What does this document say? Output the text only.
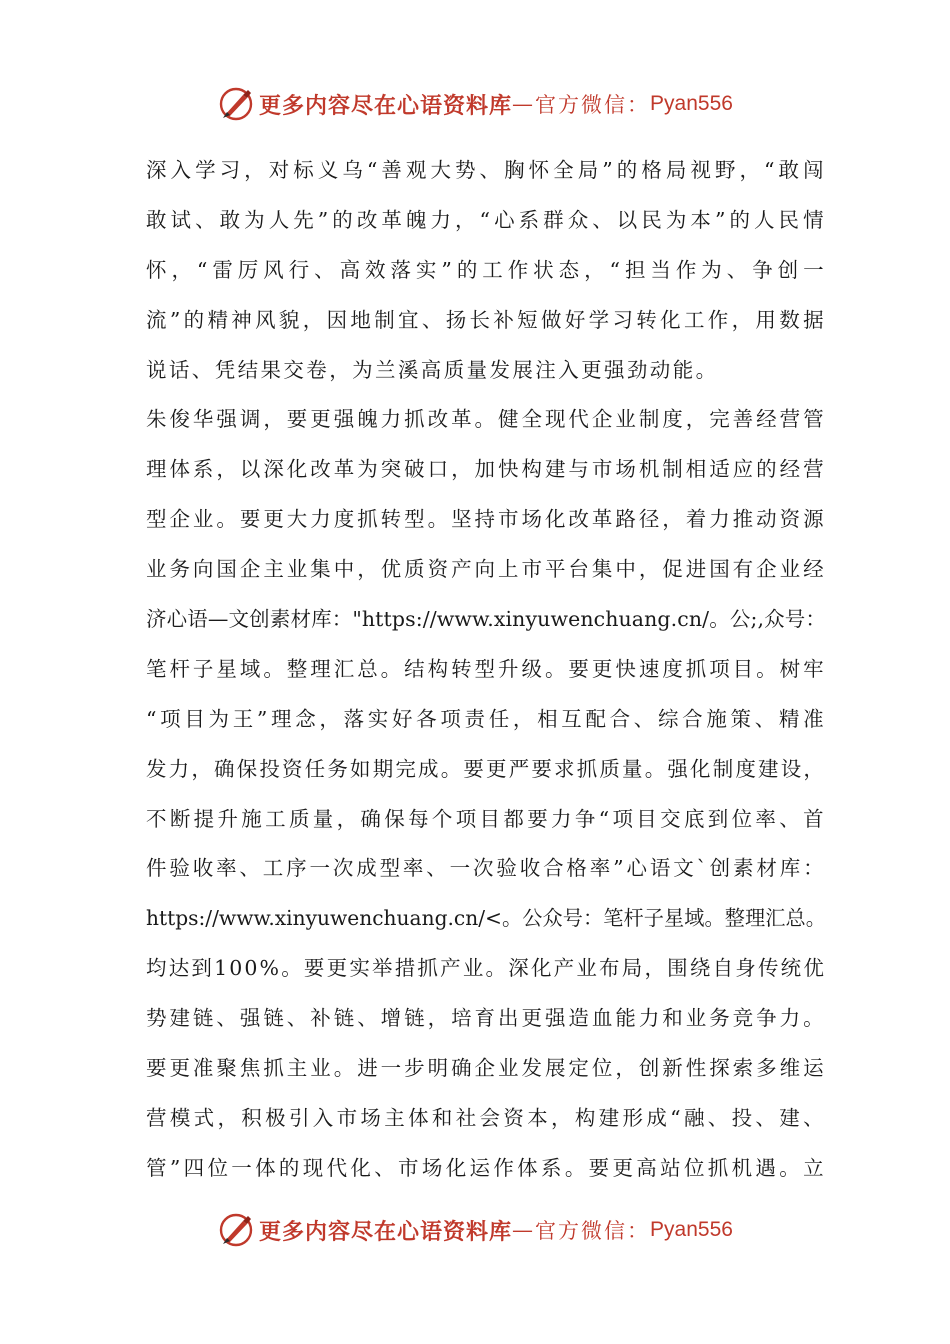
更多内容尽在心语资料库 — 官方微信： Pyan556
深入学习，对标义乌“善观大势、胸怀全局”的格局视野，“敢闯
敢试、敢为人先”的改革魄力，“心系群众、以民为本”的人民情
怀，“雷厉风行、高效落实”的工作状态，“担当作为、争创一
流”的精神风貌，因地制宜、扬长补短做好学习转化工作，用数据
说话、凭结果交卷，为兰溪高质量发展注入更强劲动能。
朱俊华强调，要更强魄力抓改革。健全现代企业制度，完善经营管
理体系，以深化改革为突破口，加快构建与市场机制相适应的经营
型企业。要更大力度抓转型。坚持市场化改革路径，着力推动资源
业务向国企主业集中，优质资产向上市平台集中，促进国有企业经
济心语—文创素材库："https://www.xinyuwenchuang.cn/。公;,众号：
笔杆子星域。整理汇总。结构转型升级。要更快速度抓项目。树牢
“项目为王”理念，落实好各项责任，相互配合、综合施策、精准
发力，确保投资任务如期完成。要更严要求抓质量。强化制度建设，
不断提升施工质量，确保每个项目都要力争“项目交底到位率、首
件验收率、工序一次成型率、一次验收合格率”心语文`创素材库：
https://www.xinyuwenchuang.cn/<。公众号：笔杆子星域。整理汇总。
均达到100%。要更实举措抓产业。深化产业布局，围绕自身传统优
势建链、强链、补链、增链，培育出更强造血能力和业务竞争力。
要更准聚焦抓主业。进一步明确企业发展定位，创新性探索多维运
营模式，积极引入市场主体和社会资本，构建形成“融、投、建、
管”四位一体的现代化、市场化运作体系。要更高站位抓机遇。立
更多内容尽在心语资料库 — 官方微信： Pyan556
